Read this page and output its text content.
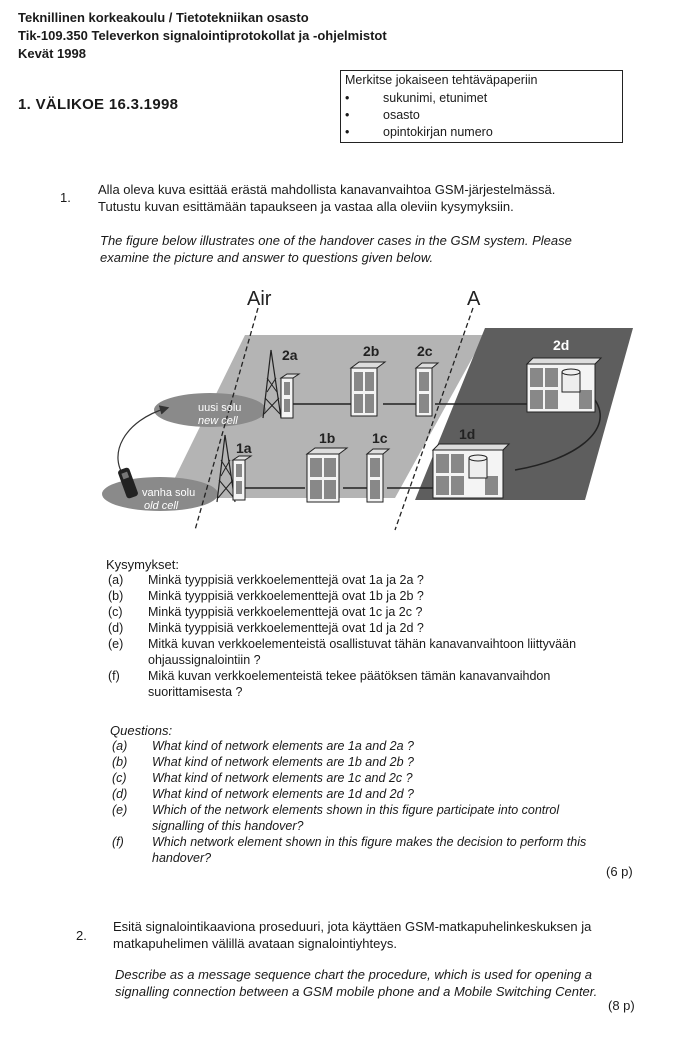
Teknillinen korkeakoulu / Tietotekniikan osasto
Tik-109.350 Televerkon signalointiprotokollat ja -ohjelmistot
Kevät 1998
1. VÄLIKOE 16.3.1998
Merkitse jokaiseen tehtäväpaperiin
•	sukunimi, etunimet
•	osasto
•	opintokirjan numero
1.
Alla oleva kuva esittää erästä mahdollista kanavanvaihtoa GSM-järjestelmässä.
Tutustu kuvan esittämään tapaukseen ja vastaa alla oleviin kysymyksiin.
The figure below illustrates one of the handover cases in the GSM system. Please
examine the picture and answer to questions given below.
Air	A
2a	2b	2c	2d
1a
1b	1c	1d
uusi solu
new cell
vanha solu
old cell
Kysymykset:
(a) Minkä tyyppisiä verkkoelementtejä ovat 1a ja 2a ?
(b) Minkä tyyppisiä verkkoelementtejä ovat 1b ja 2b ?
(c) Minkä tyyppisiä verkkoelementtejä ovat 1c ja 2c ?
(d) Minkä tyyppisiä verkkoelementtejä ovat 1d ja 2d ?
(e) Mitkä kuvan verkkoelementeistä osallistuvat tähän kanavanvaihtoon liittyvään
ohjaussignalointiin ?
(f) Mikä kuvan verkkoelementeistä tekee päätöksen tämän kanavanvaihdon
suorittamisesta ?
Questions:
(a) What kind of network elements are 1a and 2a ?
(b) What kind of network elements are 1b and 2b ?
(c) What kind of network elements are 1c and 2c ?
(d) What kind of network elements are 1d and 2d ?
(e) Which of the network elements shown in this figure participate into control
signalling of this handover?
(f) Which network element shown in this figure makes the decision to perform this
handover?
(6 p)
2.
Esitä signalointikaaviona proseduuri, jota käyttäen GSM-matkapuhelinkeskuksen ja
matkapuhelimen välillä avataan signalointiyhteys.
Describe as a message sequence chart the procedure, which is used for opening a
signalling connection between a GSM mobile phone and a Mobile Switching Center.
(8 p)
